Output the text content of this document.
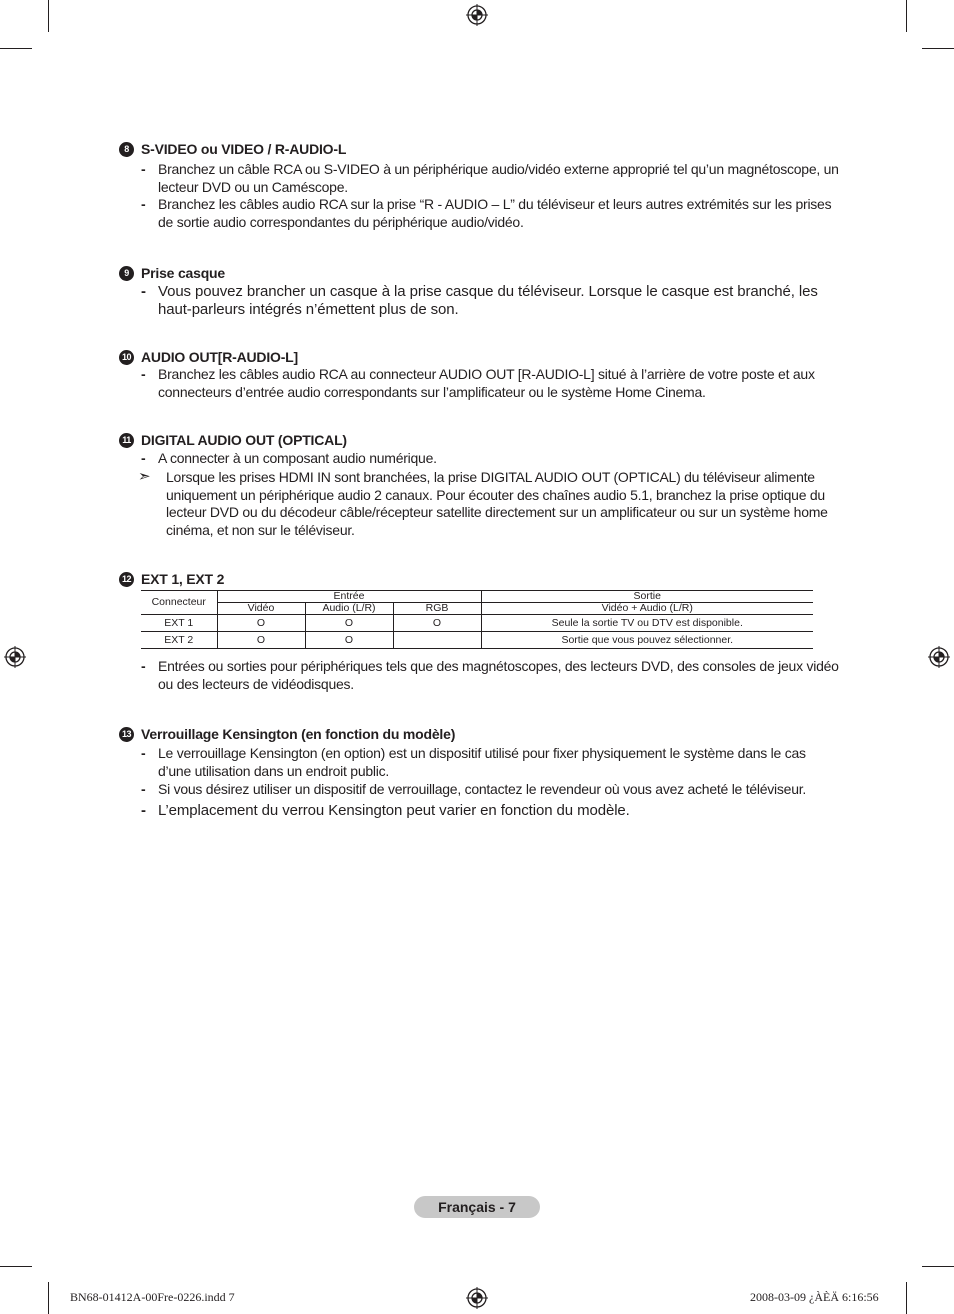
8 S-VIDEO ou VIDEO / R-AUDIO-L
- Branchez un câble RCA ou S-VIDEO à un périphérique audio/vidéo externe approprié tel qu’un magnétoscope, un lecteur DVD ou un Caméscope.
- Branchez les câbles audio RCA sur la prise “R - AUDIO – L” du téléviseur et leurs autres extrémités sur les prises de sortie audio correspondantes du périphérique audio/vidéo.
9 Prise casque
- Vous pouvez brancher un casque à la prise casque du téléviseur. Lorsque le casque est branché, les haut-parleurs intégrés n’émettent plus de son.
10 AUDIO OUT[R-AUDIO-L]
- Branchez les câbles audio RCA au connecteur AUDIO OUT [R-AUDIO-L] situé à l’arrière de votre poste et aux connecteurs d’entrée audio correspondants sur l’amplificateur ou le système Home Cinema.
11 DIGITAL AUDIO OUT (OPTICAL)
- A connecter à un composant audio numérique.
➣ Lorsque les prises HDMI IN sont branchées, la prise DIGITAL AUDIO OUT (OPTICAL) du téléviseur alimente uniquement un périphérique audio 2 canaux. Pour écouter des chaînes audio 5.1, branchez la prise optique du lecteur DVD ou du décodeur câble/récepteur satellite directement sur un amplificateur ou sur un système home cinéma, et non sur le téléviseur.
12 EXT 1, EXT 2
Connecteur	Entrée			Sortie
	Vidéo	Audio (L/R)	RGB	Vidéo + Audio (L/R)
EXT 1	O	O	O	Seule la sortie TV ou DTV est disponible.
EXT 2	O	O		Sortie que vous pouvez sélectionner.
- Entrées ou sorties pour périphériques tels que des magnétoscopes, des lecteurs DVD, des consoles de jeux vidéo ou des lecteurs de vidéodisques.
13 Verrouillage Kensington (en fonction du modèle)
- Le verrouillage Kensington (en option) est un dispositif utilisé pour fixer physiquement le système dans le cas d’une utilisation dans un endroit public.
- Si vous désirez utiliser un dispositif de verrouillage, contactez le revendeur où vous avez acheté le téléviseur.
- L’emplacement du verrou Kensington peut varier en fonction du modèle.
Français - 7
BN68-01412A-00Fre-0226.indd 7	2008-03-09 ¿ÀÈÄ 6:16:56
